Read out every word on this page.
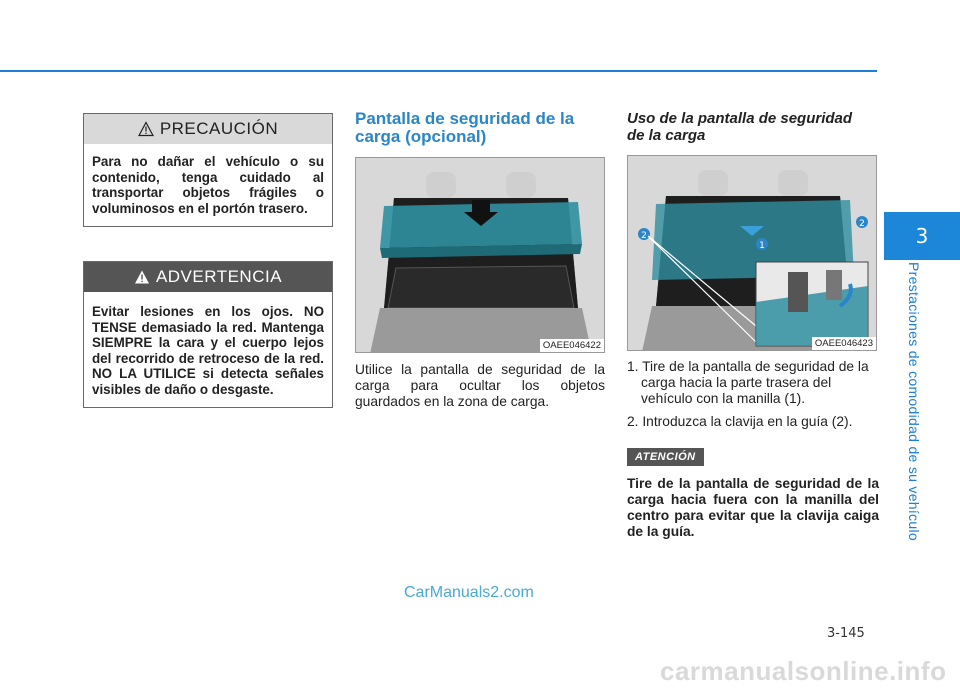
3
Prestaciones de comodidad de su vehículo
PRECAUCIÓN
Para no dañar el vehículo o su contenido, tenga cuidado al transportar objetos frágiles o voluminosos en el portón trasero.
ADVERTENCIA
Evitar lesiones en los ojos. NO TENSE demasiado la red. Mantenga SIEMPRE la cara y el cuerpo lejos del recorrido de retroceso de la red. NO LA UTILICE si detecta señales visibles de daño o desgaste.
Pantalla de seguridad de la
carga (opcional)
OAEE046422
Utilice la pantalla de seguridad de la carga para ocultar los objetos guardados en la zona de carga.
Uso de la pantalla de seguridad
de la carga
1
2
2
OAEE046423
1. Tire de la pantalla de seguridad de la carga hacia la parte trasera del vehículo con la manilla (1).
2. Introduzca la clavija en la guía (2).
ATENCIÓN
Tire de la pantalla de seguridad de la carga hacia fuera con la manilla del centro para evitar que la clavija caiga de la guía.
CarManuals2.com
3-145
carmanualsonline.info
